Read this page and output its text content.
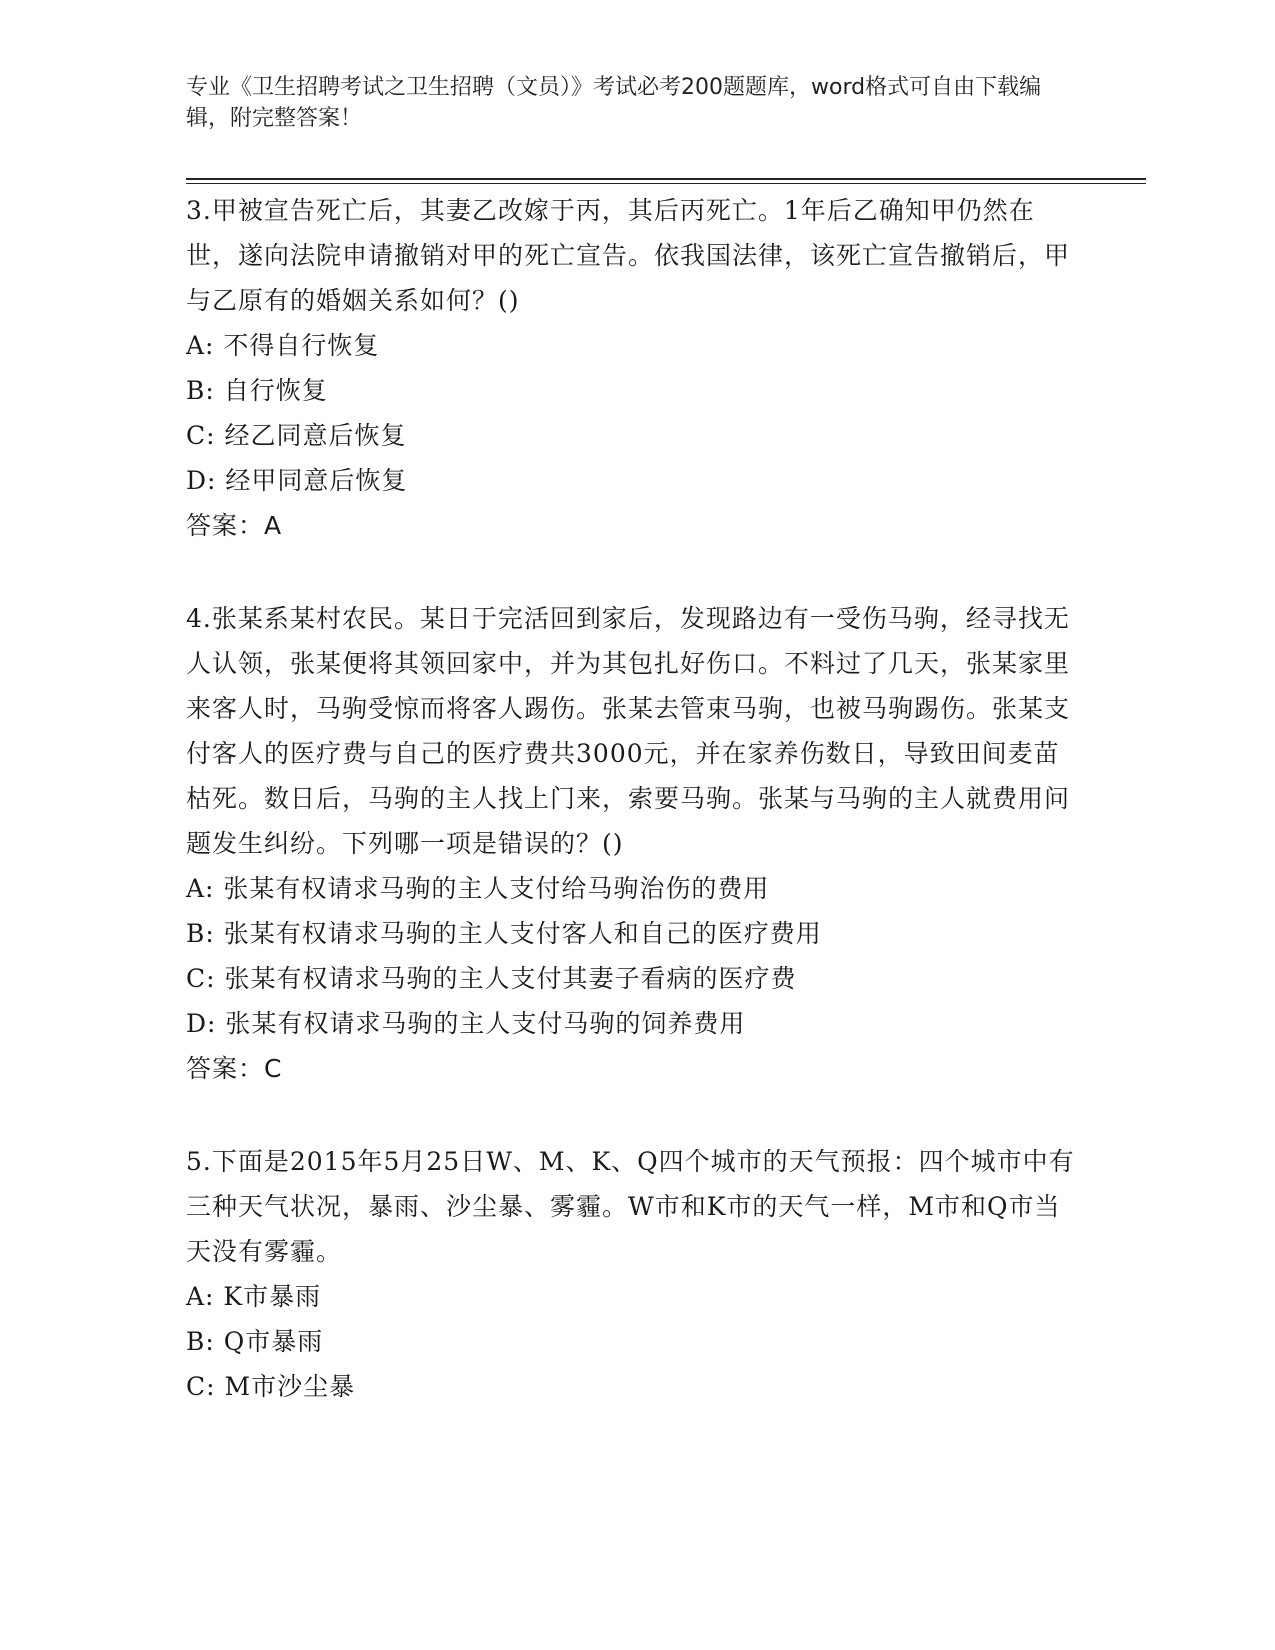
专业《卫生招聘考试之卫生招聘（文员）》考试必考200题题库，word格式可自由下载编辑，附完整答案！

3.甲被宣告死亡后，其妻乙改嫁于丙，其后丙死亡。1年后乙确知甲仍然在世，遂向法院申请撤销对甲的死亡宣告。依我国法律，该死亡宣告撤销后，甲与乙原有的婚姻关系如何？()

A: 不得自行恢复

B: 自行恢复

C: 经乙同意后恢复

D: 经甲同意后恢复

答案：A

4.张某系某村农民。某日于完活回到家后，发现路边有一受伤马驹，经寻找无人认领，张某便将其领回家中，并为其包扎好伤口。不料过了几天，张某家里来客人时，马驹受惊而将客人踢伤。张某去管束马驹，也被马驹踢伤。张某支付客人的医疗费与自己的医疗费共3000元，并在家养伤数日，导致田间麦苗枯死。数日后，马驹的主人找上门来，索要马驹。张某与马驹的主人就费用问题发生纠纷。下列哪一项是错误的？()

A: 张某有权请求马驹的主人支付给马驹治伤的费用

B: 张某有权请求马驹的主人支付客人和自己的医疗费用

C: 张某有权请求马驹的主人支付其妻子看病的医疗费

D: 张某有权请求马驹的主人支付马驹的饲养费用

答案：C

5.下面是2015年5月25日W、M、K、Q四个城市的天气预报：四个城市中有三种天气状况，暴雨、沙尘暴、雾霾。W市和K市的天气一样，M市和Q市当天没有雾霾。

A: K市暴雨

B: Q市暴雨

C: M市沙尘暴
